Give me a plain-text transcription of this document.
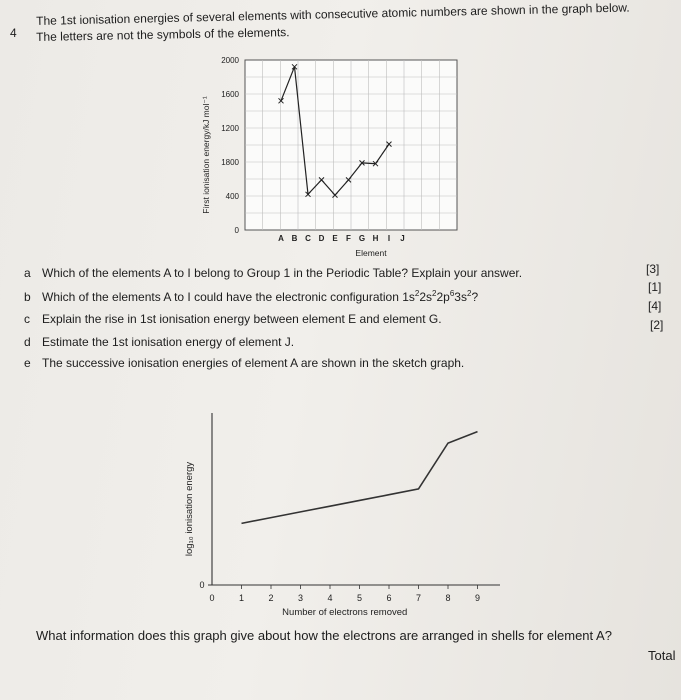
4
The 1st ionisation energies of several elements with consecutive atomic numbers are shown in the graph below.
The letters are not the symbols of the elements.
0
400
1800
1200
1600
2000
First ionisation energy/kJ mol⁻¹
A B C D E F G H I J
Element
a Which of the elements A to I belong to Group 1 in the Periodic Table? Explain your answer.	[3]
b Which of the elements A to I could have the electronic configuration $1s^22s^22p^63s^2$?
[1]
c Explain the rise in 1st ionisation energy between element E and element G.
[4]
d Estimate the 1st ionisation energy of element J.
[2]
e The successive ionisation energies of element A are shown in the sketch graph.
0	1	2	3	4	5	6	7	8	9
0
Number of electrons removed
log₁₀ ionisation energy
What information does this graph give about how the electrons are arranged in shells for element A?
Total
